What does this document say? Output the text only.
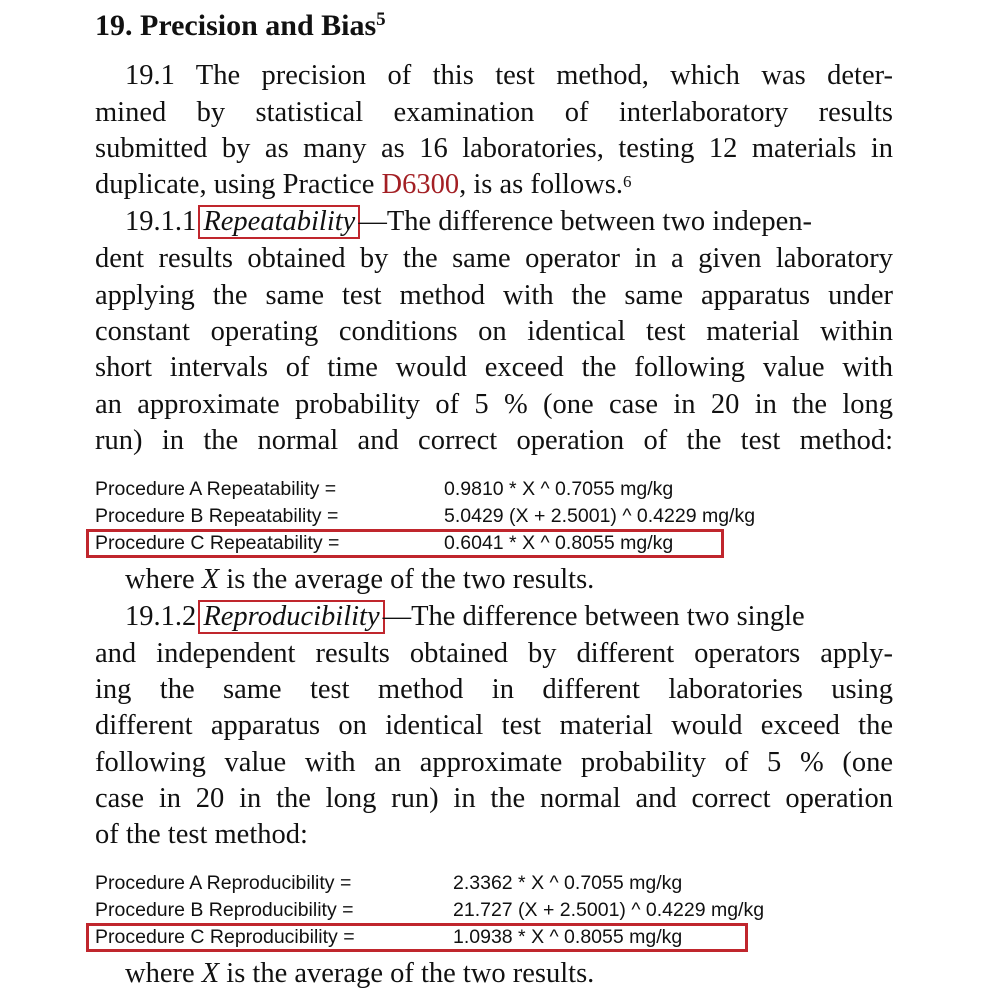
19. Precision and Bias$^5$
19.1 The precision of this test method, which was deter-
mined by statistical examination of interlaboratory results
submitted by as many as 16 laboratories, testing 12 materials in
duplicate, using Practice D6300, is as follows.$^6$
19.1.1 Repeatability —The difference between two indepen-
dent results obtained by the same operator in a given laboratory
applying the same test method with the same apparatus under
constant operating conditions on identical test material within
short intervals of time would exceed the following value with
an approximate probability of 5 % (one case in 20 in the long
run) in the normal and correct operation of the test method:
Procedure A Repeatability =	0.9810 * X ^ 0.7055 mg/kg
Procedure B Repeatability =	5.0429 (X + 2.5001) ^ 0.4229 mg/kg
Procedure C Repeatability =	0.6041 * X ^ 0.8055 mg/kg
where X is the average of the two results.
19.1.2 Reproducibility —The difference between two single
and independent results obtained by different operators apply-
ing the same test method in different laboratories using
different apparatus on identical test material would exceed the
following value with an approximate probability of 5 % (one
case in 20 in the long run) in the normal and correct operation
of the test method:
Procedure A Reproducibility =	2.3362 * X ^ 0.7055 mg/kg
Procedure B Reproducibility =	21.727 (X + 2.5001) ^ 0.4229 mg/kg
Procedure C Reproducibility =	1.0938 * X ^ 0.8055 mg/kg
where X is the average of the two results.
